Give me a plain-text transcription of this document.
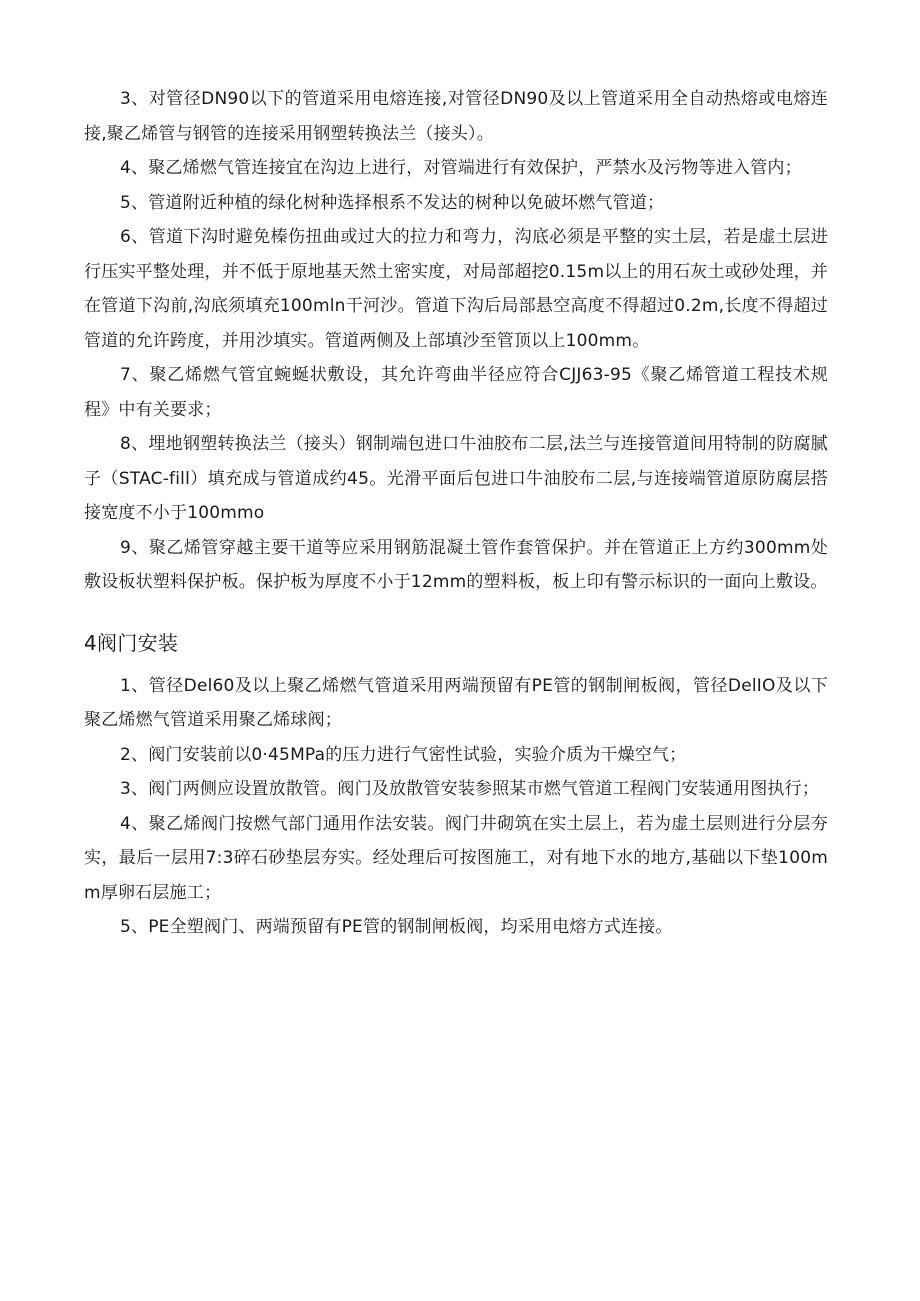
3、对管径DN90以下的管道采用电熔连接,对管径DN90及以上管道采用全自动热熔或电熔连接,聚乙烯管与钢管的连接采用钢塑转换法兰（接头）。

4、聚乙烯燃气管连接宜在沟边上进行，对管端进行有效保护，严禁水及污物等进入管内；

5、管道附近种植的绿化树种选择根系不发达的树种以免破坏燃气管道；

6、管道下沟时避免榛伤扭曲或过大的拉力和弯力，沟底必须是平整的实土层，若是虚土层进行压实平整处理，并不低于原地基天然土密实度，对局部超挖0.15m以上的用石灰土或砂处理，并在管道下沟前,沟底须填充100mln干河沙。管道下沟后局部悬空高度不得超过0.2m,长度不得超过管道的允许跨度，并用沙填实。管道两侧及上部填沙至管顶以上100mm。

7、聚乙烯燃气管宜蜿蜒状敷设，其允许弯曲半径应符合CJJ63-95《聚乙烯管道工程技术规程》中有关要求；

8、埋地钢塑转换法兰（接头）钢制端包进口牛油胶布二层,法兰与连接管道间用特制的防腐腻子（STAC-fill）填充成与管道成约45。光滑平面后包进口牛油胶布二层,与连接端管道原防腐层搭接宽度不小于100mmo

9、聚乙烯管穿越主要干道等应采用钢筋混凝土管作套管保护。并在管道正上方约300mm处敷设板状塑料保护板。保护板为厚度不小于12mm的塑料板，板上印有警示标识的一面向上敷设。

4阀门安装

1、管径Del60及以上聚乙烯燃气管道采用两端预留有PE管的钢制闸板阀，管径DelIO及以下聚乙烯燃气管道采用聚乙烯球阀；

2、阀门安装前以0·45MPa的压力进行气密性试验，实验介质为干燥空气；

3、阀门两侧应设置放散管。阀门及放散管安装参照某市燃气管道工程阀门安装通用图执行；

4、聚乙烯阀门按燃气部门通用作法安装。阀门井砌筑在实土层上，若为虚土层则进行分层夯实，最后一层用7:3碎石砂垫层夯实。经处理后可按图施工，对有地下水的地方,基础以下垫100mm厚卵石层施工；

5、PE全塑阀门、两端预留有PE管的钢制闸板阀，均采用电熔方式连接。
